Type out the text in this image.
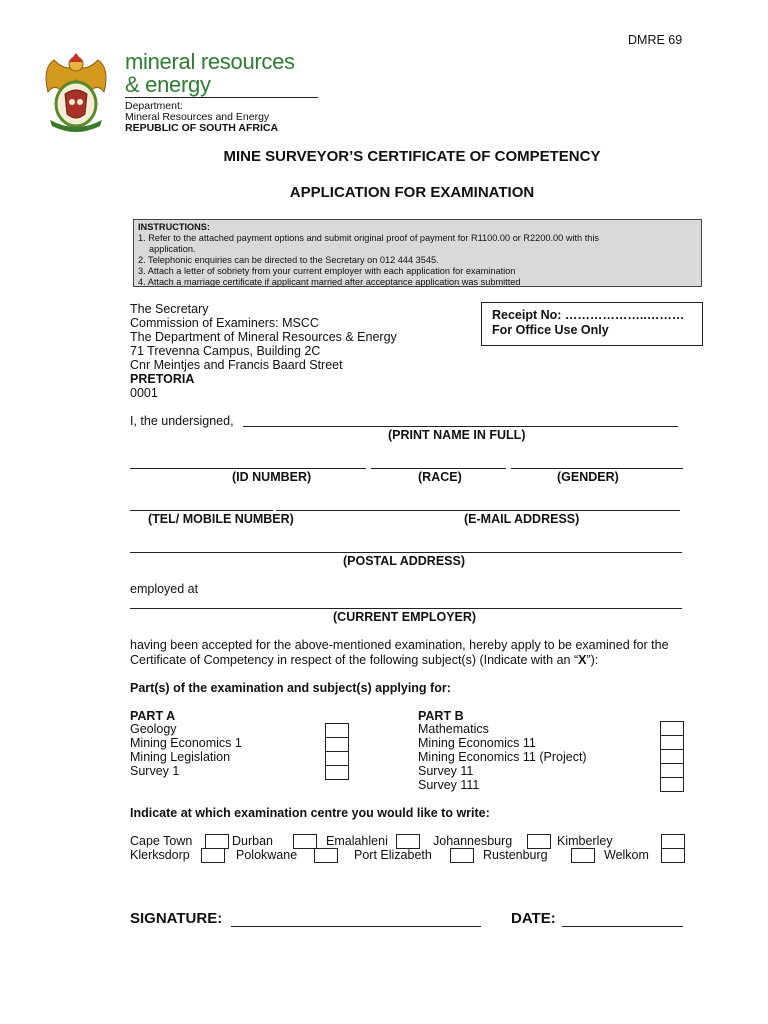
DMRE 69
mineral resources
& energy
Department:
Mineral Resources and Energy
REPUBLIC OF SOUTH AFRICA
MINE SURVEYOR’S CERTIFICATE OF COMPETENCY
APPLICATION FOR EXAMINATION
INSTRUCTIONS:
1. Refer to the attached payment options and submit original proof of payment for R1100.00 or R2200.00 with this
application.
2. Telephonic enquiries can be directed to the Secretary on 012 444 3545.
3. Attach a letter of sobriety from your current employer with each application for examination
4. Attach a marriage certificate if applicant married after acceptance application was submitted
The Secretary
Commission of Examiners: MSCC
The Department of Mineral Resources & Energy
71 Trevenna Campus, Building 2C
Cnr Meintjes and Francis Baard Street
PRETORIA
0001
Receipt No: ………………..………
For Office Use Only
I, the undersigned,
(PRINT NAME IN FULL)
(ID NUMBER)	(RACE)	(GENDER)
(TEL/ MOBILE NUMBER)	(E-MAIL ADDRESS)
(POSTAL ADDRESS)
employed at
(CURRENT EMPLOYER)
having been accepted for the above-mentioned examination, hereby apply to be examined for the
Certificate of Competency in respect of the following subject(s) (Indicate with an “X”):
Part(s) of the examination and subject(s) applying for:
PART A
Geology
Mining Economics 1
Mining Legislation
Survey 1
PART B
Mathematics
Mining Economics 11
Mining Economics 11 (Project)
Survey 11
Survey 111
Indicate at which examination centre you would like to write:
Cape Town	Durban	Emalahleni	Johannesburg	Kimberley
Klerksdorp	Polokwane	Port Elizabeth	Rustenburg	Welkom
SIGNATURE:	DATE:
